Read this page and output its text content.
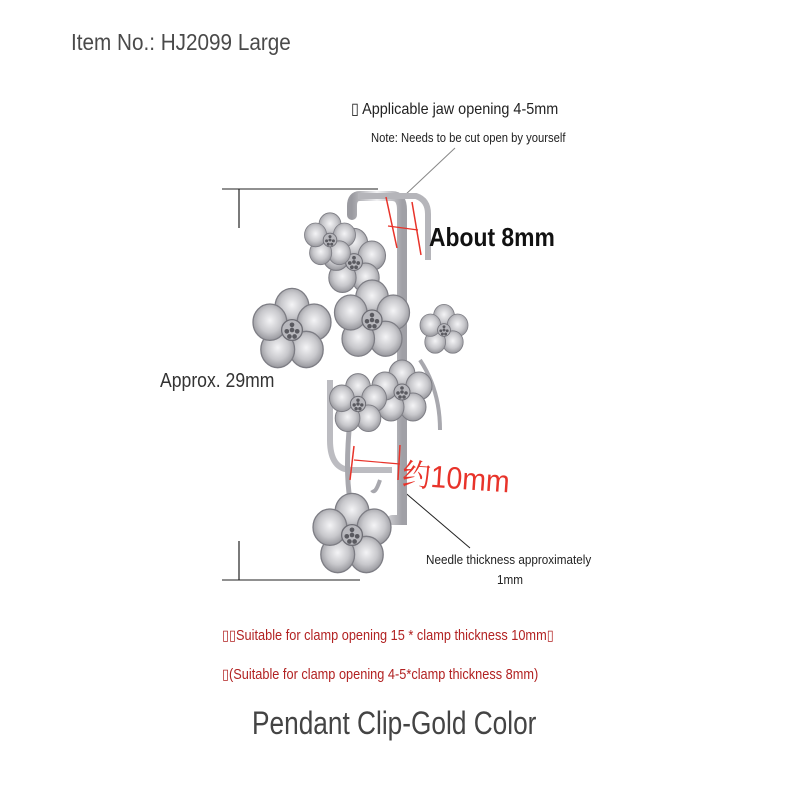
Item No.: HJ2099 Large
▯ Applicable jaw opening 4-5mm
Note: Needs to be cut open by yourself
About 8mm
Approx. 29mm
约10mm
Needle thickness approximately
1mm
▯▯Suitable for clamp opening 15 * clamp thickness 10mm▯
▯(Suitable for clamp opening 4-5*clamp thickness 8mm)
Pendant Clip-Gold Color
